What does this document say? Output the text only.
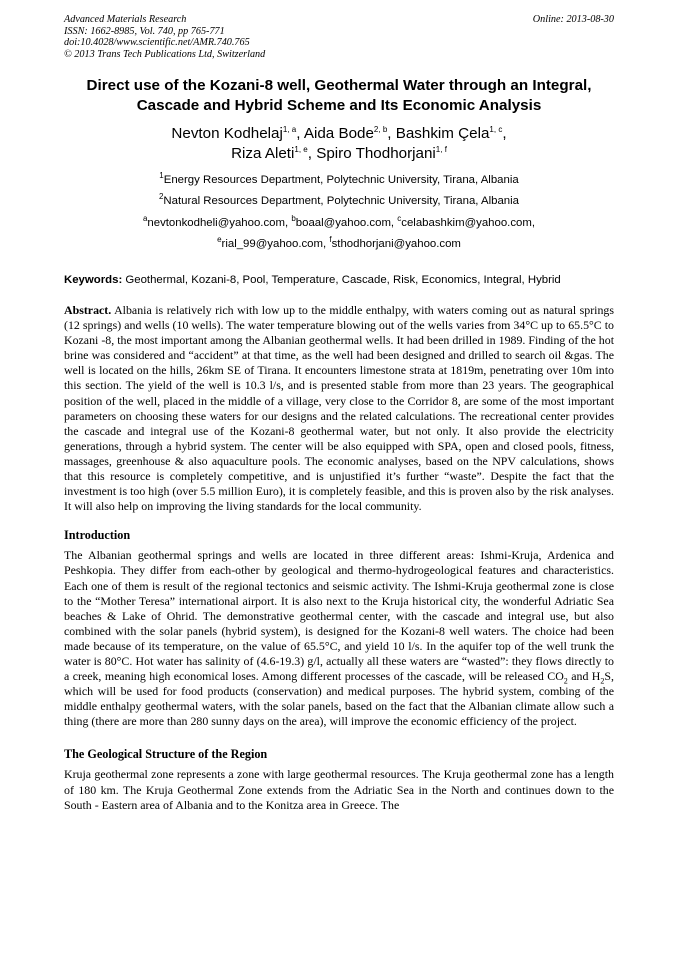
Advanced Materials Research
ISSN: 1662-8985, Vol. 740, pp 765-771
doi:10.4028/www.scientific.net/AMR.740.765
© 2013 Trans Tech Publications Ltd, Switzerland
Online: 2013-08-30
Direct use of the Kozani-8 well, Geothermal Water through an Integral,
Cascade and Hybrid Scheme and Its Economic Analysis
Nevton Kodhelaj$^{1, a}$, Aida Bode$^{2, b}$, Bashkim Çela$^{1, c}$,
Riza Aleti$^{1, e}$, Spiro Thodhorjani$^{1, f}$
$^1$Energy Resources Department, Polytechnic University, Tirana, Albania
$^2$Natural Resources Department, Polytechnic University, Tirana, Albania
$^a$nevtonkodheli@yahoo.com, $^b$boaal@yahoo.com, $^c$celabashkim@yahoo.com,
$^e$rial_99@yahoo.com, $^f$sthodhorjani@yahoo.com
Keywords: Geothermal, Kozani-8, Pool, Temperature, Cascade, Risk, Economics, Integral, Hybrid

Abstract. Albania is relatively rich with low up to the middle enthalpy, with waters coming out as natural springs (12 springs) and wells (10 wells). The water temperature blowing out of the wells varies from 34°C up to 65.5°C to Kozani -8, the most important among the Albanian geothermal wells. It had been drilled in 1989. Finding of the hot brine was considered and “accident” at that time, as the well had been designed and drilled to search oil &gas. The well is located on the hills, 26km SE of Tirana. It encounters limestone strata at 1819m, penetrating over 10m into this section. The yield of the well is 10.3 l/s, and is presented stable from more than 23 years. The geographical position of the well, placed in the middle of a village, very close to the Corridor 8, are some of the most important parameters on choosing these waters for our designs and the related calculations. The recreational center provides the cascade and integral use of the Kozani-8 geothermal water, but not only. It also provide the electricity generations, through a hybrid system. The center will be also equipped with SPA, open and closed pools, fitness, massages, greenhouse & also aquaculture pools. The economic analyses, based on the NPV calculations, shows that this resource is completely competitive, and is unjustified it’s further “waste”. Despite the fact that the investment is too high (over 5.5 million Euro), it is completely feasible, and this is proven also by the risk analyses. It will also help on improving the living standards for the local community.

Introduction

The Albanian geothermal springs and wells are located in three different areas: Ishmi-Kruja, Ardenica and Peshkopia. They differ from each-other by geological and thermo-hydrogeological features and characteristics. Each one of them is result of the regional tectonics and seismic activity. The Ishmi-Kruja geothermal zone is close to the “Mother Teresa” international airport. It is also next to the Kruja historical city, the wonderful Adriatic Sea beaches & Lake of Ohrid. The demonstrative geothermal center, with the cascade and integral use, but also combined with the solar panels (hybrid system), is designed for the Kozani-8 well waters. The choice had been made because of its temperature, on the value of 65.5°C, and yield 10 l/s. In the aquifer top of the well trunk the water is 80°C. Hot water has salinity of (4.6-19.3) g/l, actually all these waters are “wasted”: they flows directly to a creek, meaning high economical loses. Among different processes of the cascade, will be released $CO_2$ and $H_2S$, which will be used for food products (conservation) and medical purposes. The hybrid system, combing of the middle enthalpy geothermal waters, with the solar panels, based on the fact that the Albanian climate allow such a thing (there are more than 280 sunny days on the area), will improve the economic efficiency of the project.

The Geological Structure of the Region

Kruja geothermal zone represents a zone with large geothermal resources. The Kruja geothermal zone has a length of 180 km. The Kruja Geothermal Zone extends from the Adriatic Sea in the North and continues down to the South - Eastern area of Albania and to the Konitza area in Greece. The
